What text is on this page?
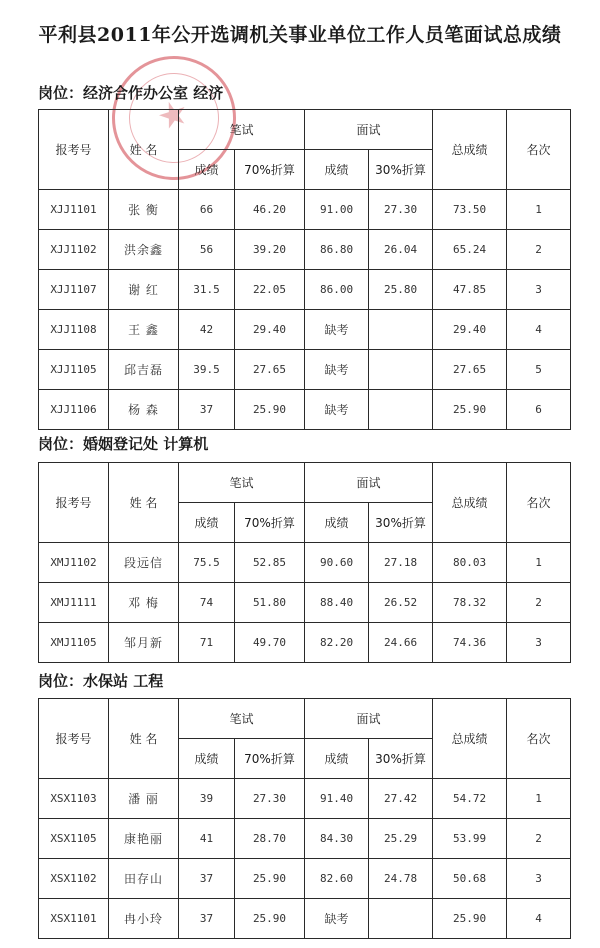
平利县2011年公开选调机关事业单位工作人员笔面试总成绩
岗位：经济合作办公室 经济
报考号	姓 名	笔试		面试		总成绩	名次
		成绩	70%折算	成绩	30%折算		
XJJ1101	张 衡	66	46.20	91.00	27.30	73.50	1
XJJ1102	洪余鑫	56	39.20	86.80	26.04	65.24	2
XJJ1107	谢 红	31.5	22.05	86.00	25.80	47.85	3
XJJ1108	王 鑫	42	29.40	缺考		29.40	4
XJJ1105	邱吉磊	39.5	27.65	缺考		27.65	5
XJJ1106	杨 森	37	25.90	缺考		25.90	6
岗位：婚姻登记处 计算机
报考号	姓 名	笔试		面试		总成绩	名次
		成绩	70%折算	成绩	30%折算		
XMJ1102	段远信	75.5	52.85	90.60	27.18	80.03	1
XMJ1111	邓 梅	74	51.80	88.40	26.52	78.32	2
XMJ1105	邹月新	71	49.70	82.20	24.66	74.36	3
岗位：水保站 工程
报考号	姓 名	笔试		面试		总成绩	名次
		成绩	70%折算	成绩	30%折算		
XSX1103	潘 丽	39	27.30	91.40	27.42	54.72	1
XSX1105	康艳丽	41	28.70	84.30	25.29	53.99	2
XSX1102	田存山	37	25.90	82.60	24.78	50.68	3
XSX1101	冉小玲	37	25.90	缺考		25.90	4
